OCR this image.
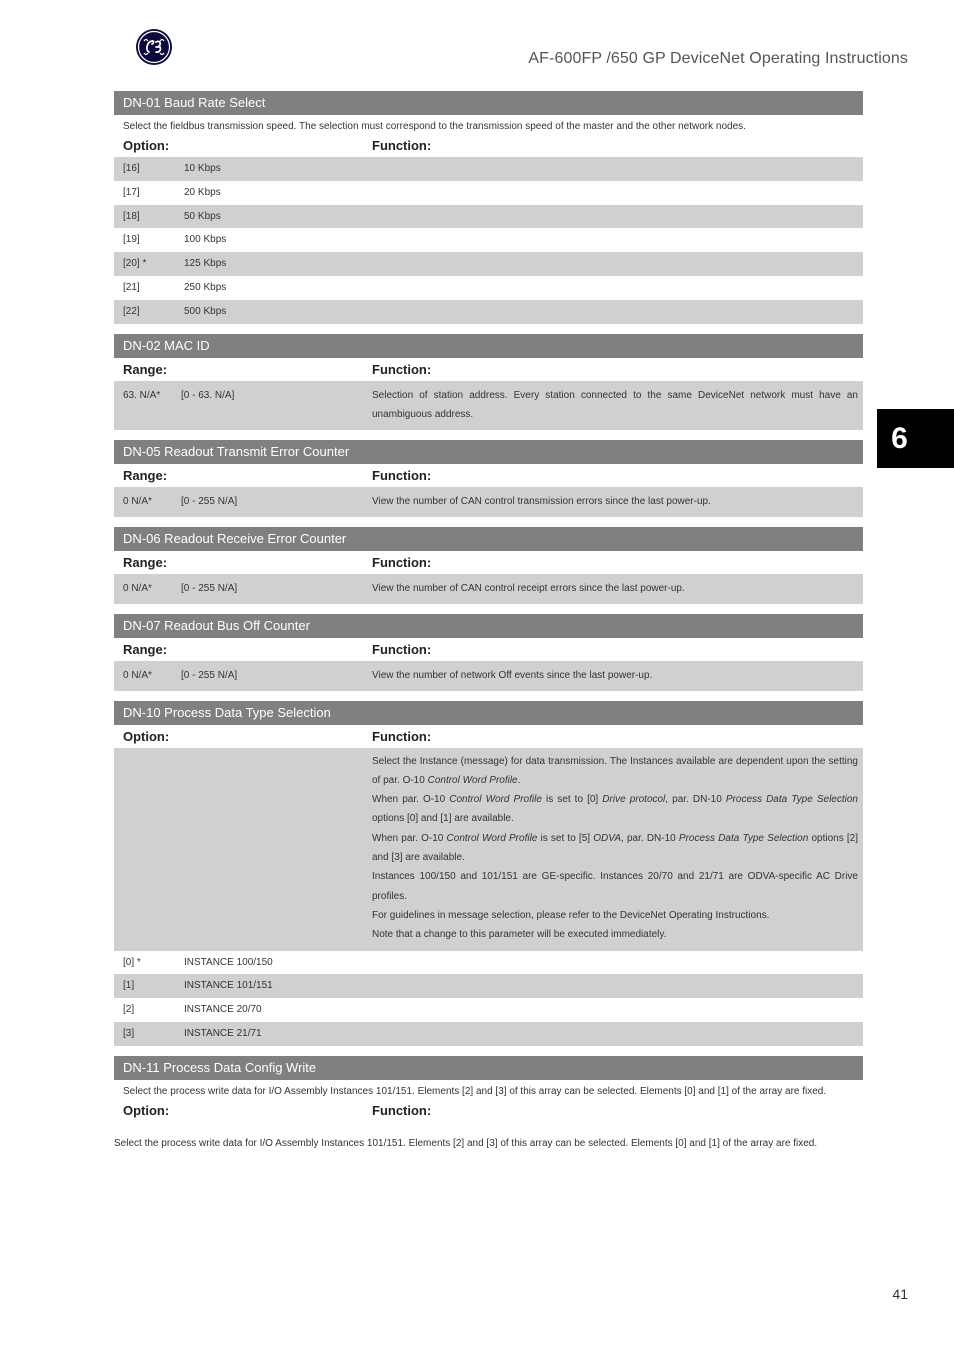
AF-600FP /650 GP DeviceNet Operating Instructions
6
DN-01 Baud Rate Select
Select the fieldbus transmission speed. The selection must correspond to the transmission speed of the master and the other network nodes.
Option:	Function:
[16]	10 Kbps
[17]	20 Kbps
[18]	50 Kbps
[19]	100 Kbps
[20] *	125 Kbps
[21]	250 Kbps
[22]	500 Kbps
DN-02 MAC ID
Range:	Function:
63. N/A*	[0 - 63. N/A]	Selection of station address. Every station connected to the same DeviceNet network must have an unambiguous address.
DN-05 Readout Transmit Error Counter
Range:	Function:
0 N/A*	[0 - 255 N/A]	View the number of CAN control transmission errors since the last power-up.
DN-06 Readout Receive Error Counter
Range:	Function:
0 N/A*	[0 - 255 N/A]	View the number of CAN control receipt errors since the last power-up.
DN-07 Readout Bus Off Counter
Range:	Function:
0 N/A*	[0 - 255 N/A]	View the number of network Off events since the last power-up.
DN-10 Process Data Type Selection
Option:	Function:

Select the Instance (message) for data transmission. The Instances available are dependent upon the setting of par. O-10 Control Word Profile.

When par. O-10 Control Word Profile is set to [0] Drive protocol, par. DN-10 Process Data Type Selection options [0] and [1] are available.

When par. O-10 Control Word Profile is set to [5] ODVA, par. DN-10 Process Data Type Selection options [2] and [3] are available.

Instances 100/150 and 101/151 are GE-specific. Instances 20/70 and 21/71 are ODVA-specific AC Drive profiles.

For guidelines in message selection, please refer to the DeviceNet Operating Instructions.

Note that a change to this parameter will be executed immediately.

[0] *	INSTANCE 100/150
[1]	INSTANCE 101/151
[2]	INSTANCE 20/70
[3]	INSTANCE 21/71
DN-11 Process Data Config Write
Select the process write data for I/O Assembly Instances 101/151. Elements [2] and [3] of this array can be selected. Elements [0] and [1] of the array are fixed.
Option:	Function:
Select the process write data for I/O Assembly Instances 101/151. Elements [2] and [3] of this array can be selected. Elements [0] and [1] of the array are fixed.
41
